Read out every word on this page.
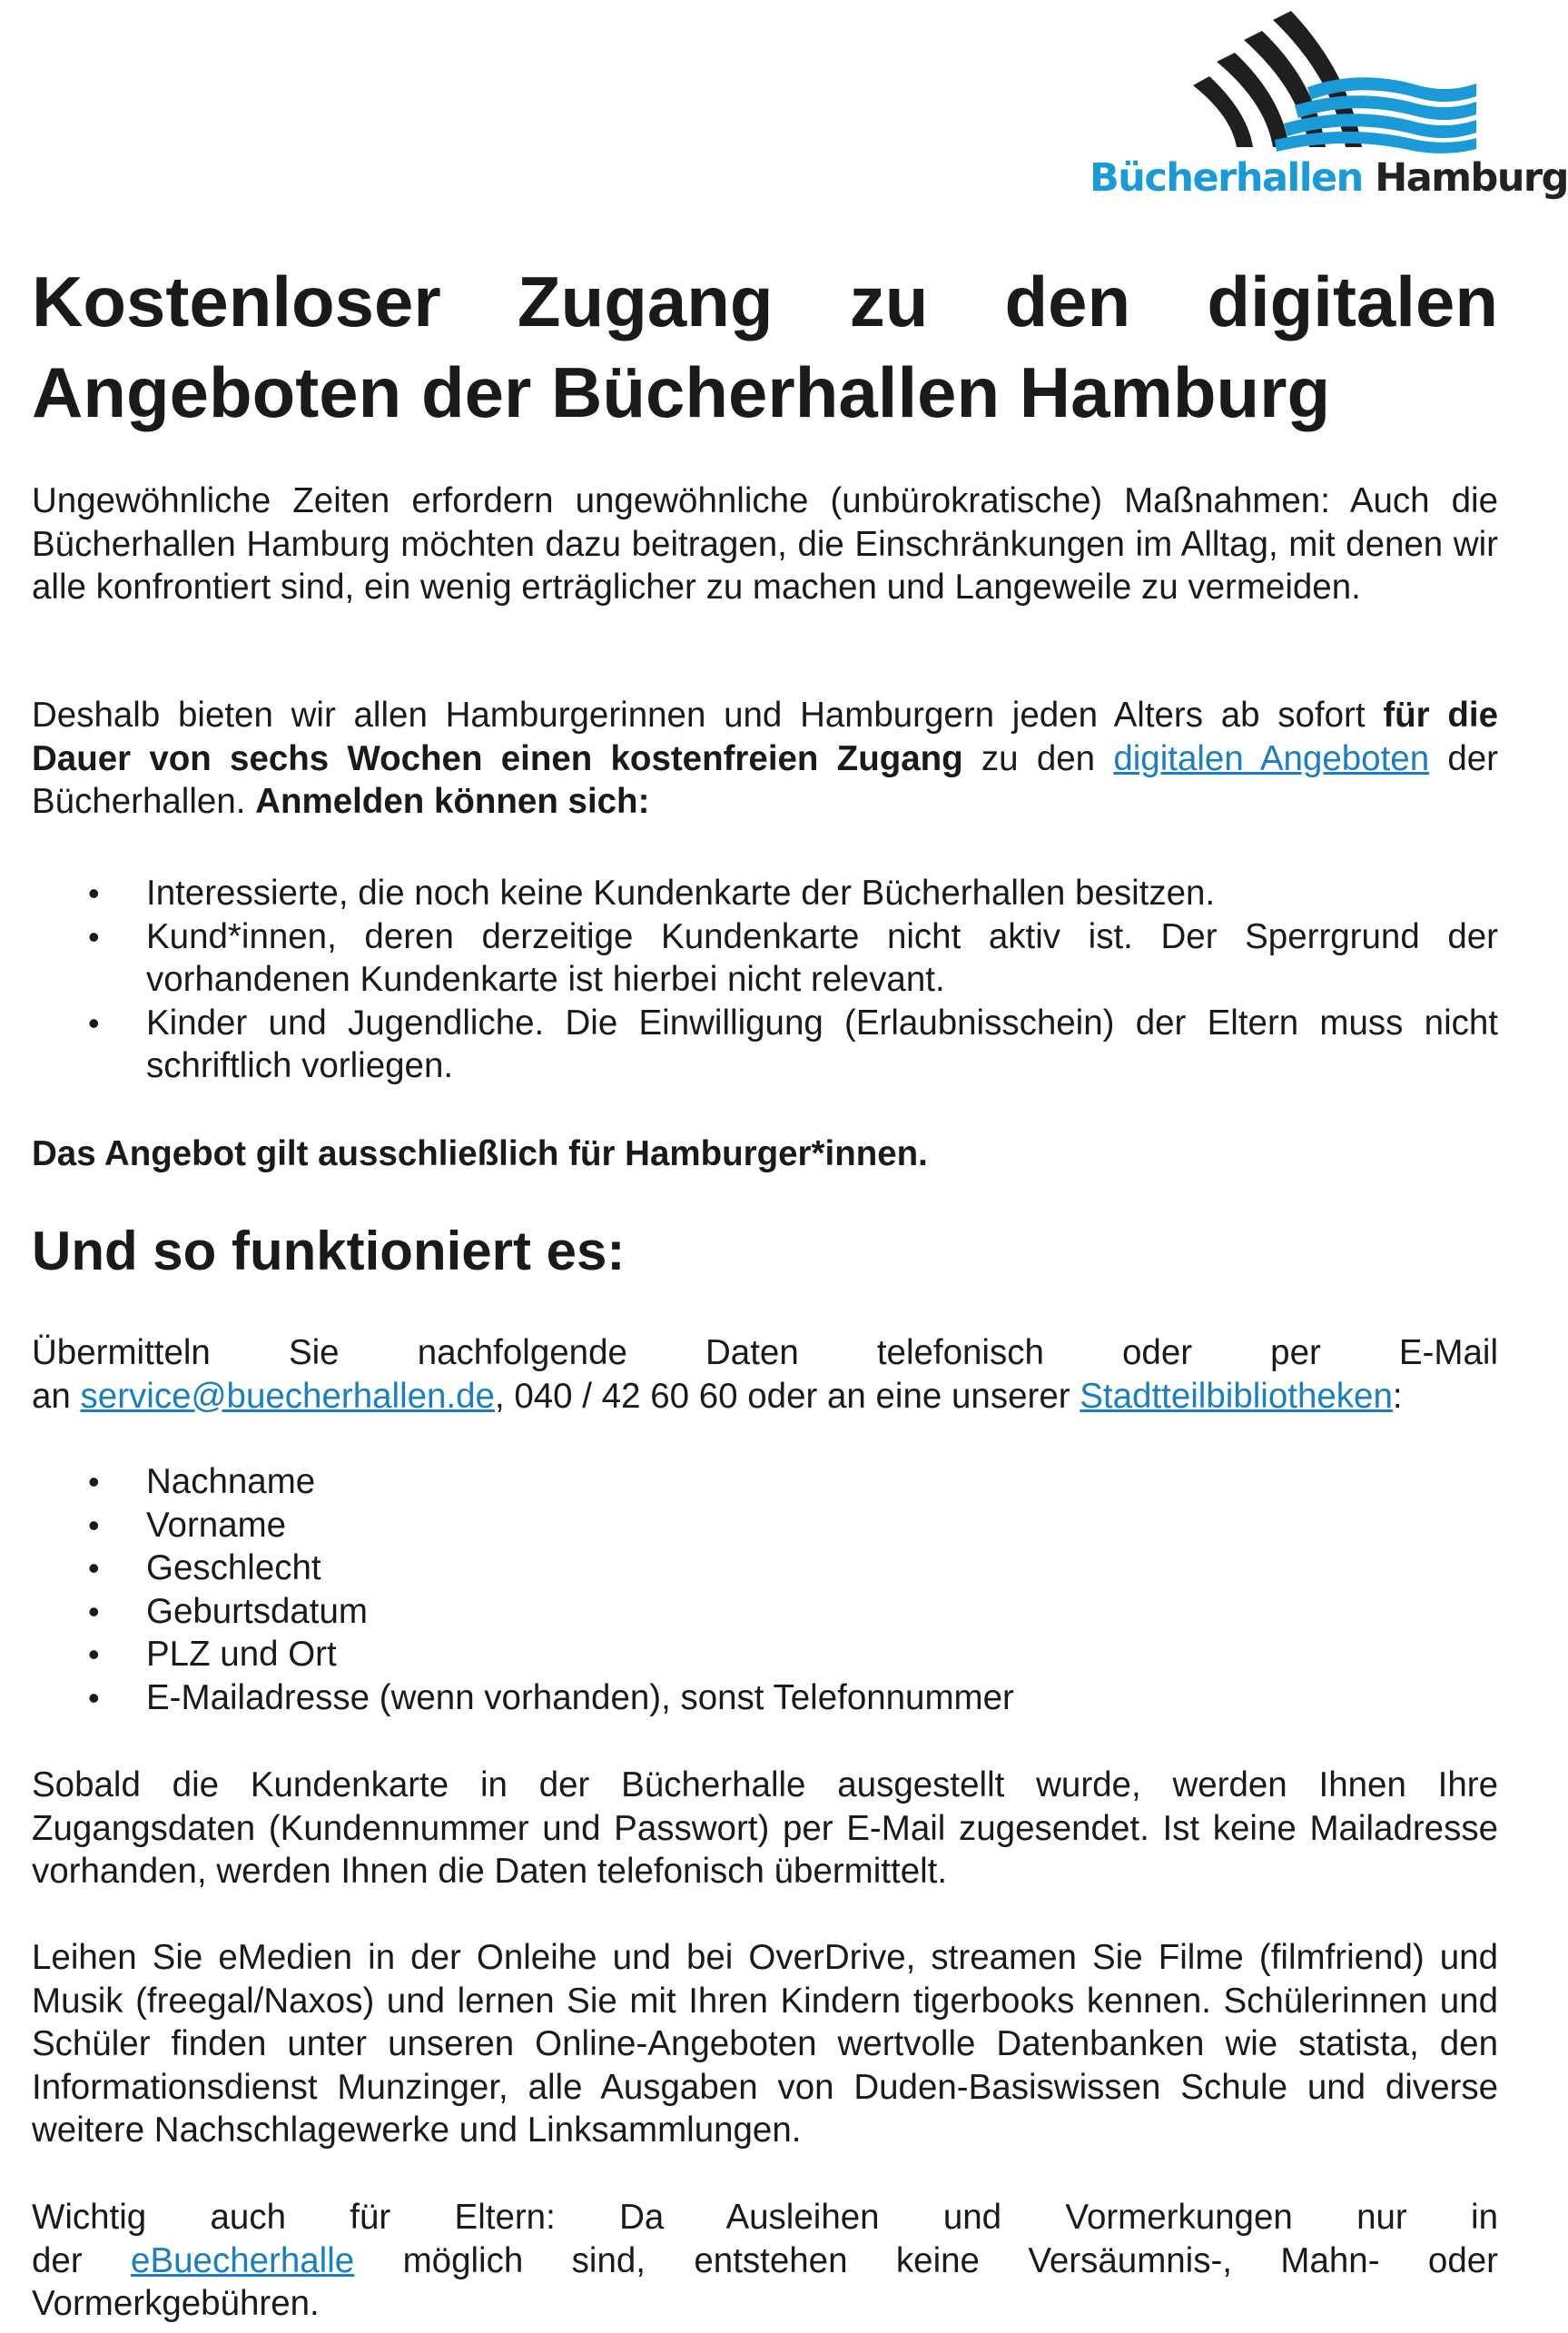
Bücherhallen Hamburg
Kostenloser Zugang zu den digitalen
Angeboten der Bücherhallen Hamburg

Ungewöhnliche Zeiten erfordern ungewöhnliche (unbürokratische) Maßnahmen: Auch die Bücherhallen Hamburg möchten dazu beitragen, die Einschränkungen im Alltag, mit denen wir alle konfrontiert sind, ein wenig erträglicher zu machen und Langeweile zu vermeiden.

Deshalb bieten wir allen Hamburgerinnen und Hamburgern jeden Alters ab sofort für die Dauer von sechs Wochen einen kostenfreien Zugang zu den digitalen Angeboten der Bücherhallen. Anmelden können sich:

• Interessierte, die noch keine Kundenkarte der Bücherhallen besitzen.
• Kund*innen, deren derzeitige Kundenkarte nicht aktiv ist. Der Sperrgrund der vorhandenen Kundenkarte ist hierbei nicht relevant.
• Kinder und Jugendliche. Die Einwilligung (Erlaubnisschein) der Eltern muss nicht schriftlich vorliegen.

Das Angebot gilt ausschließlich für Hamburger*innen.

Und so funktioniert es:

Übermitteln Sie nachfolgende Daten telefonisch oder per E-Mail
an service@buecherhallen.de, 040 / 42 60 60 oder an eine unserer Stadtteilbibliotheken:

• Nachname
• Vorname
• Geschlecht
• Geburtsdatum
• PLZ und Ort
• E-Mailadresse (wenn vorhanden), sonst Telefonnummer

Sobald die Kundenkarte in der Bücherhalle ausgestellt wurde, werden Ihnen Ihre Zugangsdaten (Kundennummer und Passwort) per E-Mail zugesendet. Ist keine Mailadresse vorhanden, werden Ihnen die Daten telefonisch übermittelt.

Leihen Sie eMedien in der Onleihe und bei OverDrive, streamen Sie Filme (filmfriend) und Musik (freegal/Naxos) und lernen Sie mit Ihren Kindern tigerbooks kennen. Schülerinnen und Schüler finden unter unseren Online-Angeboten wertvolle Datenbanken wie statista, den Informationsdienst Munzinger, alle Ausgaben von Duden-Basiswissen Schule und diverse weitere Nachschlagewerke und Linksammlungen.

Wichtig auch für Eltern: Da Ausleihen und Vormerkungen nur in
der eBuecherhalle möglich sind, entstehen keine Versäumnis-, Mahn- oder
Vormerkgebühren.
